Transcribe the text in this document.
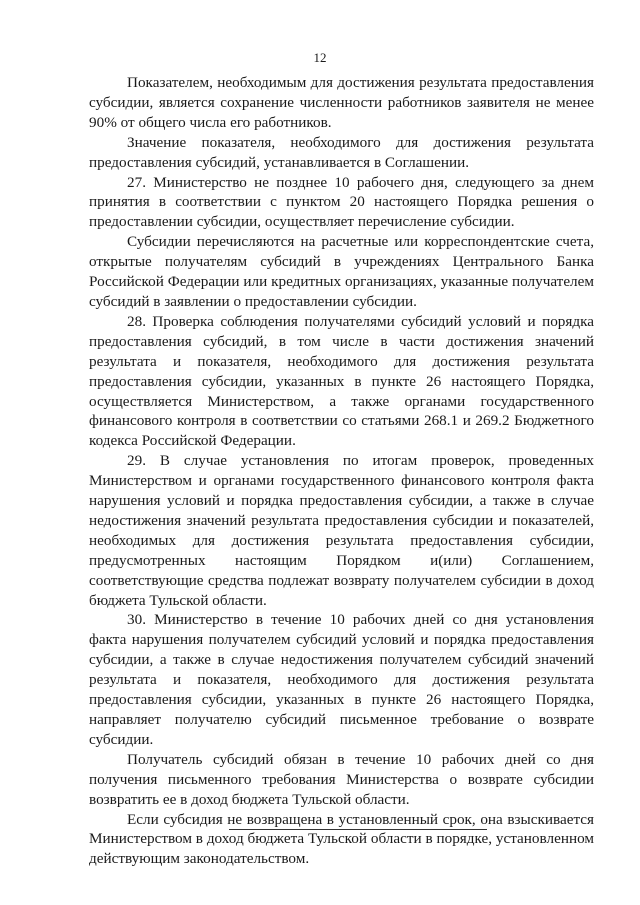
12

Показателем, необходимым для достижения результата предоставления субсидии, является сохранение численности работников заявителя не менее 90% от общего числа его работников.

Значение показателя, необходимого для достижения результата предоставления субсидий, устанавливается в Соглашении.

27. Министерство не позднее 10 рабочего дня, следующего за днем принятия в соответствии с пунктом 20 настоящего Порядка решения о предоставлении субсидии, осуществляет перечисление субсидии.

Субсидии перечисляются на расчетные или корреспондентские счета, открытые получателям субсидий в учреждениях Центрального Банка Российской Федерации или кредитных организациях, указанные получателем субсидий в заявлении о предоставлении субсидии.

28. Проверка соблюдения получателями субсидий условий и порядка предоставления субсидий, в том числе в части достижения значений результата и показателя, необходимого для достижения результата предоставления субсидии, указанных в пункте 26 настоящего Порядка, осуществляется Министерством, а также органами государственного финансового контроля в соответствии со статьями 268.1 и 269.2 Бюджетного кодекса Российской Федерации.

29. В случае установления по итогам проверок, проведенных Министерством и органами государственного финансового контроля факта нарушения условий и порядка предоставления субсидии, а также в случае недостижения значений результата предоставления субсидии и показателей, необходимых для достижения результата предоставления субсидии, предусмотренных настоящим Порядком и(или) Соглашением, соответствующие средства подлежат возврату получателем субсидии в доход бюджета Тульской области.

30. Министерство в течение 10 рабочих дней со дня установления факта нарушения получателем субсидий условий и порядка предоставления субсидии, а также в случае недостижения получателем субсидий значений результата и показателя, необходимого для достижения результата предоставления субсидии, указанных в пункте 26 настоящего Порядка, направляет получателю субсидий письменное требование о возврате субсидии.

Получатель субсидий обязан в течение 10 рабочих дней со дня получения письменного требования Министерства о возврате субсидии возвратить ее в доход бюджета Тульской области.

Если субсидия не возвращена в установленный срок, она взыскивается Министерством в доход бюджета Тульской области в порядке, установленном действующим законодательством.
